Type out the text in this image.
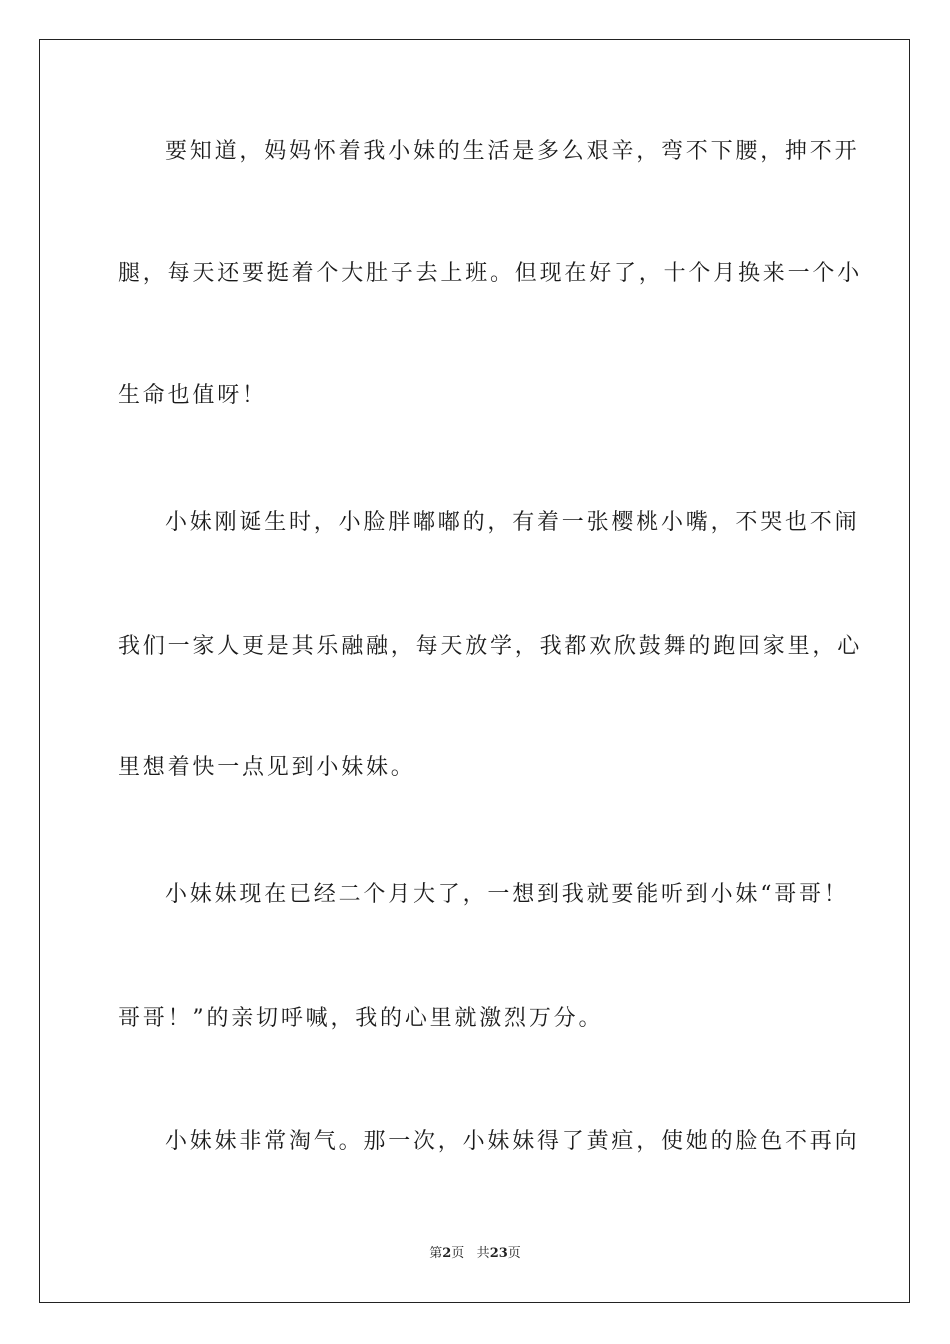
要知道，妈妈怀着我小妹的生活是多么艰辛，弯不下腰，抻不开
腿，每天还要挺着个大肚子去上班。但现在好了，十个月换来一个小
生命也值呀！
小妹刚诞生时，小脸胖嘟嘟的，有着一张樱桃小嘴，不哭也不闹
我们一家人更是其乐融融，每天放学，我都欢欣鼓舞的跑回家里，心
里想着快一点见到小妹妹。
小妹妹现在已经二个月大了，一想到我就要能听到小妹“哥哥！
哥哥！”的亲切呼喊，我的心里就激烈万分。
小妹妹非常淘气。那一次，小妹妹得了黄疸，使她的脸色不再向
第2页 共23页
